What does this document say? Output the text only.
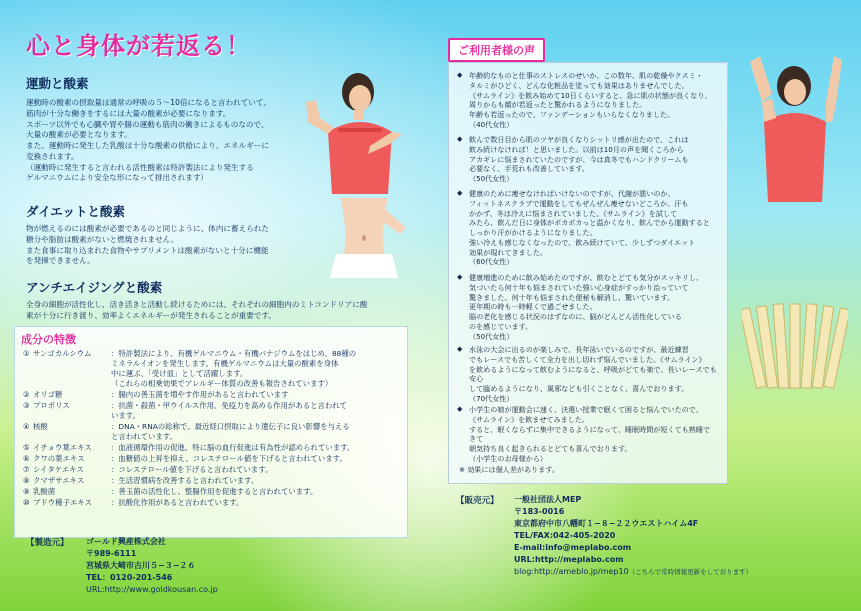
心と身体が若返る！
運動と酸素

運動時の酸素の摂取量は通常の呼吸の５〜10倍になると言われていて、
筋肉が十分な働きをするには大量の酸素が必要になります。
スポーツ以外でも心臓や胃や腸の運動も筋肉の働きによるものなので、
大量の酸素が必要となります。
また、運動時に発生した乳酸は十分な酸素の供給により、エネルギーに
変換されます。
（運動時に発生すると言われる活性酸素は特許製法により発生する
ゲルマニウムにより安全な形になって排出されます）

ダイエットと酸素

物が燃えるのには酸素が必要であるのと同じように、体内に蓄えられた
糖分や脂肪は酸素がないと燃焼されません。
また食事に取り込まれた食物やサプリメントは酸素がないと十分に機能
を発揮できません。

アンチエイジングと酸素

全身の細胞が活性化し、活き活きと活動し続けるためには、それぞれの細胞内のミトコンドリアに酸
素が十分に行き渡り、効率よくエネルギーが発生されることが重要です。

成分の特徴
① サンゴカルシウム	：特許製法により、有機ゲルマニウム・有機バナジウムをはじめ、88種の
ミネラルイオンを発生します。有機ゲルマニウムは大量の酸素を身体
中に運ぶ、「受け皿」として活躍します。
（これらの相乗効果でアレルギー体質の改善も報告されています）
② オリゴ糖	：腸内の善玉菌を増やす作用があると言われています
③ プロポリス	：抗菌・殺菌・甲ウイルス作用、免疫力を高める作用があると言われて
います。
④ 核酸	：DNA・RNAの総称で、最近経口摂取により遺伝子に良い影響を与える
と言われています。
⑤ イチョウ葉エキス	：血液循環作用の促進、特に脳の血行促進は有為性が認められています。
⑥ クワの葉エキス	：血糖値の上昇を抑え、コレステロール値を下げると言われています。
⑦ シイタケエキス	：コレステロール値を下げると言われています。
⑧ クマザサエキス	：生活習慣病を改善すると言われています。
⑨ 乳酸菌	：善玉菌の活性化し、整腸作用を促進すると言われています。
⑩ ブドウ種子エキス	：抗酸化作用があると言われています。
ご利用者様の声
◆ 年齢的なものと仕事のストレスのせいか、この数年、肌の乾燥やクスミ・
タルミがひどく、どんな化粧品を塗っても効果はありませんでした。
《サムライン》を飲み始めて10日くらいすると、急に肌の状態が良くなり、
周りからも顔が若返ったと驚かれるようになりました。
年齢も若返ったので、ファンデーションもいらなくなりました。
（40代女性）
◆ 飲んで数日目から肌のツヤが良くなりシットリ感が出たので、これは
飲み続けなければ！と思いました。以前は10月の声を聞くころから
アカギレに悩まされていたのですが、今は真冬でもハンドクリームも
必要なく、手荒れも改善しています。
（50代女性）
◆ 健康のために痩せなければいけないのですが、代謝が悪いのか、
フィットネスクラブで運動をしてもぜんぜん痩せないどころか、汗も
かかず、冬は冷えに悩まされていました。《サムライン》を試して
みたら、飲んだ日に身体がポカポカっと温かくなり、飲んでから運動すると
しっかり汗がかけるようになりました。
強い冷えも感じなくなったので、飲み続けていて、少しずつダイエット
効果が現れてきました。
（60代女性）
◆ 健康増進のために飲み始めたのですが、飲むとどても気分がスッキリし、
気づいたら何十年も悩まされていた強い心身症がすっかり治っていて
驚きました。何十年も悩まされた便秘も解消し、驚いています。
更年期の時も一時軽くで過ごせました。
脳の老化を感じる状況のはずなのに、脳がどんどん活性化している
のを感じています。
（50代女性）
◆ 水泳の大会に出るのが楽しみで、長年泳いでいるのですが、最近練習
でもレースでも苦しくて全力を出し切れず悩んでいました。《サムライン》
を飲めるようになって飲むようになると、呼吸がどても楽で、長いレースでも安心
して臨めるようになり、風邪なども引くことなく、喜んでおります。
（70代女性）
◆ 小学生の娘が運動会に速く、決選い授業で眠くて困ると悩んでいたので、
《サムライン》を飲ませてみました。
すると、眠くならずに集中できるようになって、睡眠時間が短くても熟睡できて
朝気持ち良く起きられるとどても喜んでおります。
（小学生のお母様から）
※ 効果には個人差があります。
【製造元】 ゴールド興産株式会社
〒989-6111
宮城県大崎市古川５−３−２６
TEL：0120-201-546
URL:http://www.goldkousan.co.jp
【販売元】 一般社団法人MEP
〒183-0016
東京都府中市八幡町１−８−２２ウエストハイム4F
TEL/FAX:042-405-2020
E-mail:info@meplabo.com
URL:http://meplabo.com
blog:http://ameblo.jp/mep10（こちらで常時情報更新をしております）
